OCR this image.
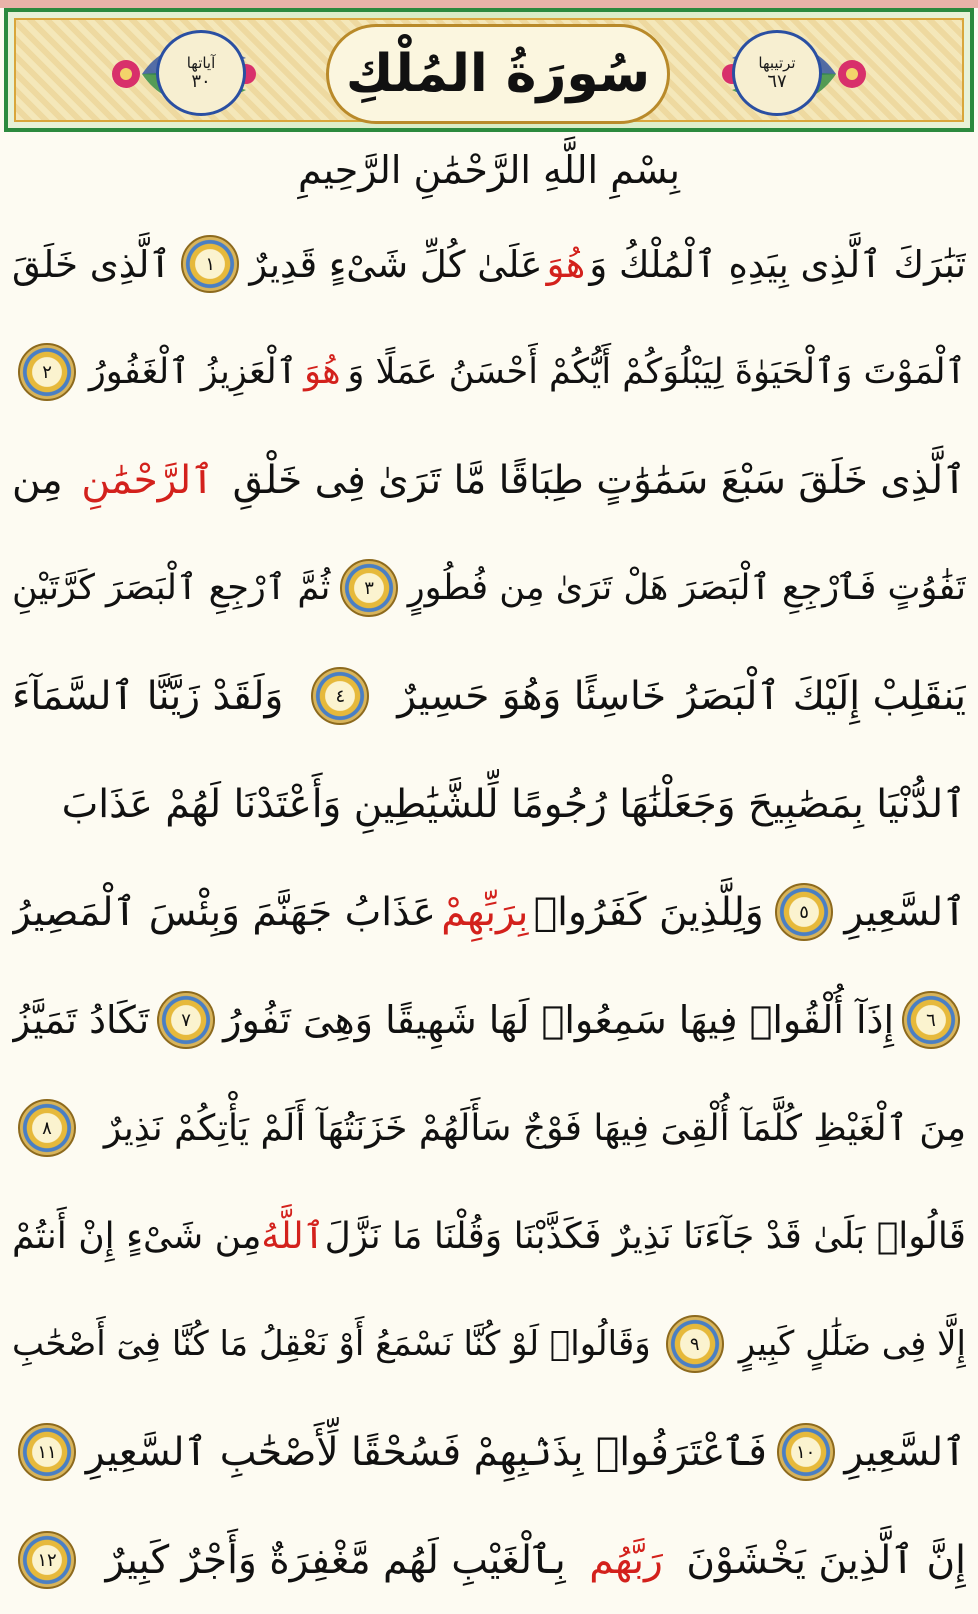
آياتها
٣٠	سُورَةُ المُلْكِ	ترتيبها
٦٧
بِسْمِ اللَّهِ الرَّحْمَٰنِ الرَّحِيمِ
تَبَٰرَكَ ٱلَّذِى بِيَدِهِ ٱلْمُلْكُ وَ
هُوَ
عَلَىٰ كُلِّ شَىْءٍ قَدِيرٌ
١
ٱلَّذِى خَلَقَ
ٱلْمَوْتَ وَٱلْحَيَوٰةَ لِيَبْلُوَكُمْ أَيُّكُمْ أَحْسَنُ عَمَلًا وَ
هُوَ
ٱلْعَزِيزُ ٱلْغَفُورُ
٢
ٱلَّذِى خَلَقَ سَبْعَ سَمَٰوَٰتٍ طِبَاقًا مَّا تَرَىٰ فِى خَلْقِ
ٱلرَّحْمَٰنِ
مِن
تَفَٰوُتٍ فَٱرْجِعِ ٱلْبَصَرَ هَلْ تَرَىٰ مِن فُطُورٍ
٣
ثُمَّ ٱرْجِعِ ٱلْبَصَرَ كَرَّتَيْنِ
يَنقَلِبْ إِلَيْكَ ٱلْبَصَرُ خَاسِئًا وَهُوَ حَسِيرٌ
٤
وَلَقَدْ زَيَّنَّا ٱلسَّمَآءَ
ٱلدُّنْيَا بِمَصَٰبِيحَ وَجَعَلْنَٰهَا رُجُومًا لِّلشَّيَٰطِينِ وَأَعْتَدْنَا لَهُمْ عَذَابَ
ٱلسَّعِيرِ
٥
وَلِلَّذِينَ كَفَرُوا۟
بِرَبِّهِمْ
عَذَابُ جَهَنَّمَ وَبِئْسَ ٱلْمَصِيرُ
٦
إِذَآ أُلْقُوا۟ فِيهَا سَمِعُوا۟ لَهَا شَهِيقًا وَهِىَ تَفُورُ
٧
تَكَادُ تَمَيَّزُ
مِنَ ٱلْغَيْظِ كُلَّمَآ أُلْقِىَ فِيهَا فَوْجٌ سَأَلَهُمْ خَزَنَتُهَآ أَلَمْ يَأْتِكُمْ نَذِيرٌ
٨
قَالُوا۟ بَلَىٰ قَدْ جَآءَنَا نَذِيرٌ فَكَذَّبْنَا وَقُلْنَا مَا نَزَّلَ
ٱللَّهُ
مِن شَىْءٍ إِنْ أَنتُمْ
إِلَّا فِى ضَلَٰلٍ كَبِيرٍ
٩
وَقَالُوا۟ لَوْ كُنَّا نَسْمَعُ أَوْ نَعْقِلُ مَا كُنَّا فِىٓ أَصْحَٰبِ
ٱلسَّعِيرِ
١٠
فَٱعْتَرَفُوا۟ بِذَنۢبِهِمْ فَسُحْقًا لِّأَصْحَٰبِ ٱلسَّعِيرِ
١١
إِنَّ ٱلَّذِينَ يَخْشَوْنَ
رَبَّهُم
بِٱلْغَيْبِ لَهُم مَّغْفِرَةٌ وَأَجْرٌ كَبِيرٌ
١٢
